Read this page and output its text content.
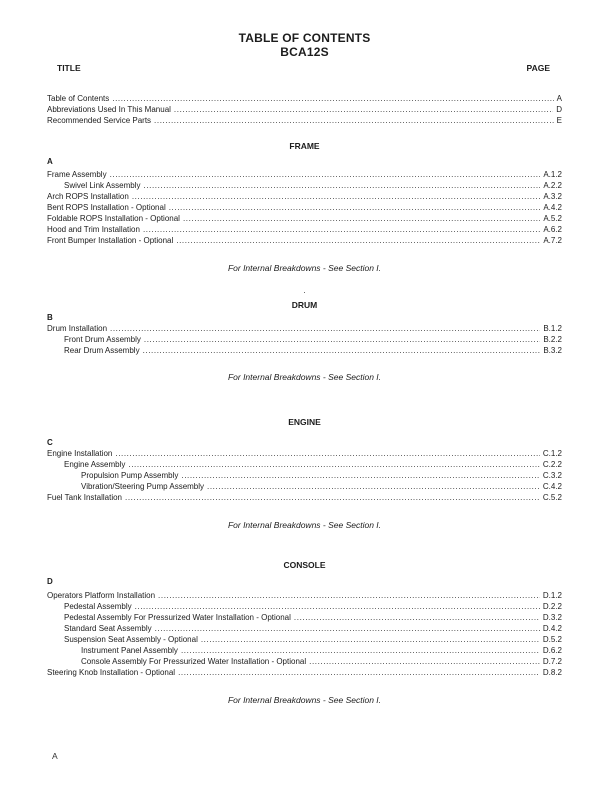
TABLE OF CONTENTS
BCA12S
TITLE	PAGE
Table of Contents .....	A
Abbreviations Used In This Manual .....	D
Recommended Service Parts .....	E
FRAME
A
Frame Assembly .....	A.1.2
Swivel Link Assembly .....	A.2.2
Arch ROPS Installation .....	A.3.2
Bent ROPS Installation - Optional .....	A.4.2
Foldable ROPS Installation - Optional .....	A.5.2
Hood and Trim Installation .....	A.6.2
Front Bumper Installation - Optional .....	A.7.2
For Internal Breakdowns - See Section I.
.
DRUM
B
Drum Installation .....	B.1.2
Front Drum Assembly .....	B.2.2
Rear Drum Assembly .....	B.3.2
For Internal Breakdowns - See Section I.
ENGINE
C
Engine Installation .....	C.1.2
Engine Assembly .....	C.2.2
Propulsion Pump Assembly .....	C.3.2
Vibration/Steering Pump Assembly .....	C.4.2
Fuel Tank Installation .....	C.5.2
For Internal Breakdowns - See Section I.
CONSOLE
D
Operators Platform Installation .....	D.1.2
Pedestal Assembly .....	D.2.2
Pedestal Assembly For Pressurized Water Installation - Optional .....	D.3.2
Standard Seat Assembly .....	D.4.2
Suspension Seat Assembly - Optional .....	D.5.2
Instrument Panel Assembly .....	D.6.2
Console Assembly For Pressurized Water Installation - Optional .....	D.7.2
Steering Knob Installation - Optional .....	D.8.2
For Internal Breakdowns - See Section I.
A
